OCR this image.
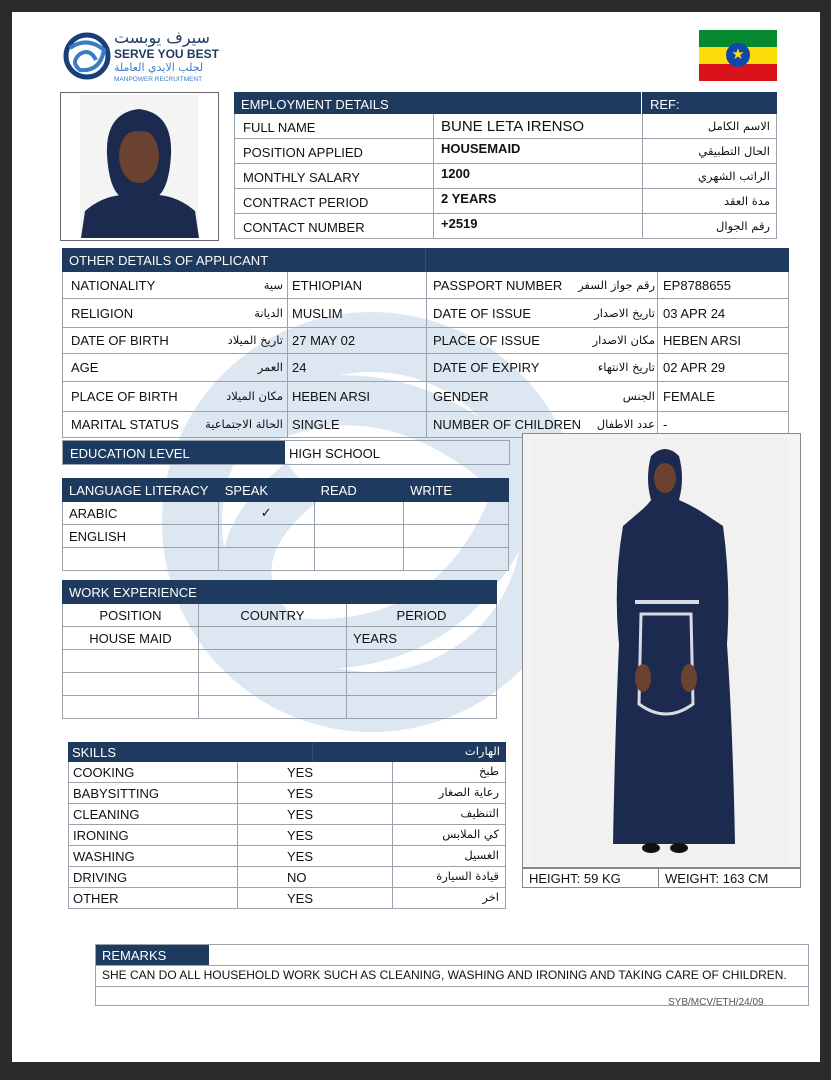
سيرف يوبست
SERVE YOU BEST
لجلب الايدي العاملة
MANPOWER RECRUITMENT
★
EMPLOYMENT DETAILS	REF:
FULL NAME	BUNE LETA IRENSO	الاسم الكامل
POSITION APPLIED	HOUSEMAID	الحال التطبيقي
MONTHLY SALARY	1200	الراتب الشهري
CONTRACT PERIOD	2 YEARS	مدة العقد
CONTACT NUMBER	+2519	رقم الجوال
OTHER DETAILS OF APPLICANT
NATIONALITY	سية ETHIOPIAN	PASSPORT NUMBER رقم جواز السفر EP8788655
RELIGION	الديانة MUSLIM	DATE OF ISSUE	تاريخ الاصدار 03 APR 24
DATE OF BIRTH	تاريخ الميلاد 27 MAY 02	PLACE OF ISSUE	مكان الاصدار HEBEN ARSI
AGE	العمر 24	DATE OF EXPIRY	تاريخ الانتهاء 02 APR 29
PLACE OF BIRTH	مكان الميلاد HEBEN ARSI	GENDER	الجنس FEMALE
MARITAL STATUS الحالة الاجتماعية SINGLE	NUMBER OF CHILDREN عدد الاطفال -
EDUCATION LEVEL	HIGH SCHOOL
LANGUAGE LITERACY	SPEAK	READ	WRITE
ARABIC	✓		
ENGLISH			

WORK EXPERIENCE		
POSITION	COUNTRY	PERIOD
HOUSE MAID		YEARS

SKILLS	الهارات
COOKING	YES	طبخ
BABYSITTING	YES	رعاية الصغار
CLEANING	YES	التنظيف
IRONING	YES	كي الملابس
WASHING	YES	الغسيل
DRIVING	NO	قيادة السيارة
OTHER	YES	اخر
HEIGHT: 59 KG	WEIGHT: 163 CM
REMARKS
SHE CAN DO ALL HOUSEHOLD WORK SUCH AS CLEANING, WASHING AND IRONING AND TAKING CARE OF CHILDREN.
SYB/MCV/ETH/24/09
